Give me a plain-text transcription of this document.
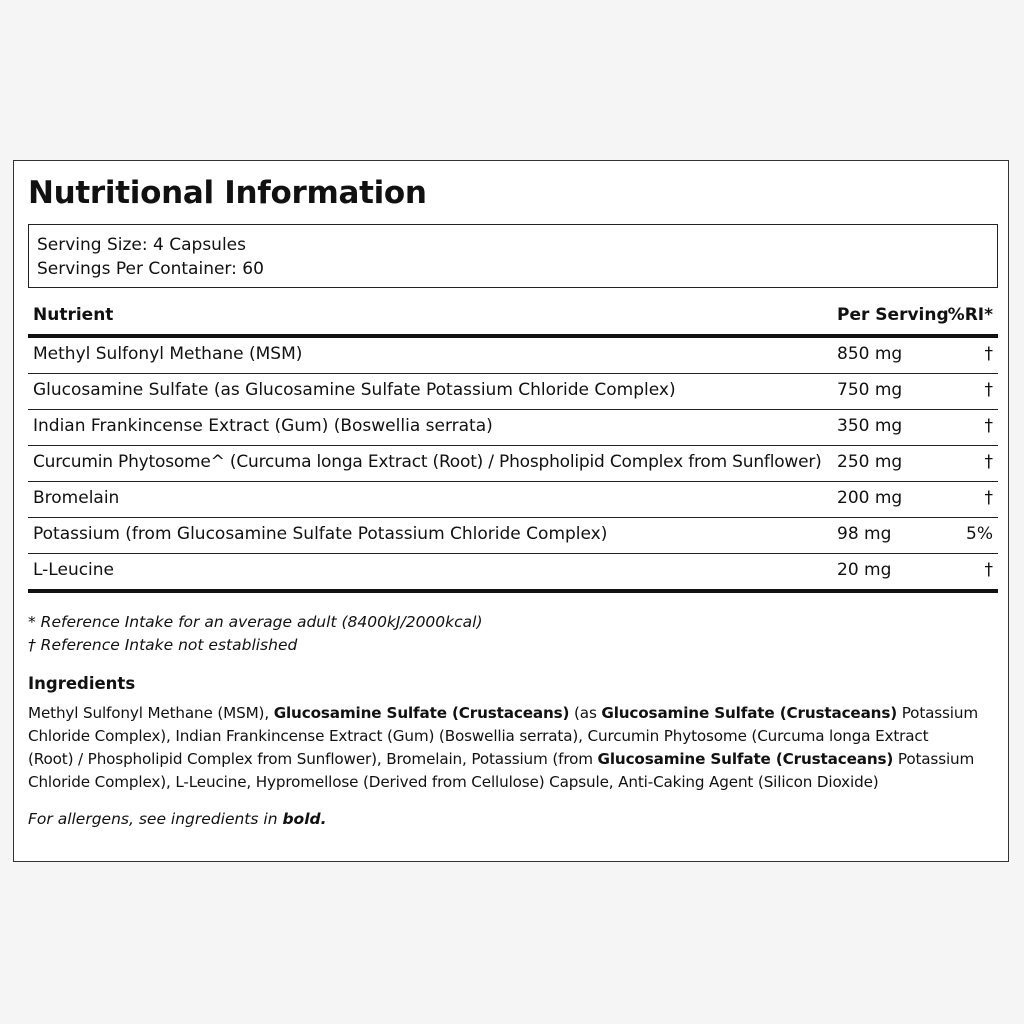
Nutritional Information
Serving Size: 4 Capsules
Servings Per Container: 60
Nutrient	Per Serving %RI*
Methyl Sulfonyl Methane (MSM)	850 mg	†
Glucosamine Sulfate (as Glucosamine Sulfate Potassium Chloride Complex)	750 mg	†
Indian Frankincense Extract (Gum) (Boswellia serrata)	350 mg	†
Curcumin Phytosome^ (Curcuma longa Extract (Root) / Phospholipid Complex from Sunflower) 250 mg	†
Bromelain	200 mg	†
Potassium (from Glucosamine Sulfate Potassium Chloride Complex)	98 mg	5%
L-Leucine	20 mg	†
* Reference Intake for an average adult (8400kJ/2000kcal)
† Reference Intake not established
Ingredients
Methyl Sulfonyl Methane (MSM), Glucosamine Sulfate (Crustaceans) (as Glucosamine Sulfate (Crustaceans) Potassium
Chloride Complex), Indian Frankincense Extract (Gum) (Boswellia serrata), Curcumin Phytosome (Curcuma longa Extract
(Root) / Phospholipid Complex from Sunflower), Bromelain, Potassium (from Glucosamine Sulfate (Crustaceans) Potassium
Chloride Complex), L-Leucine, Hypromellose (Derived from Cellulose) Capsule, Anti-Caking Agent (Silicon Dioxide)
For allergens, see ingredients in bold.
